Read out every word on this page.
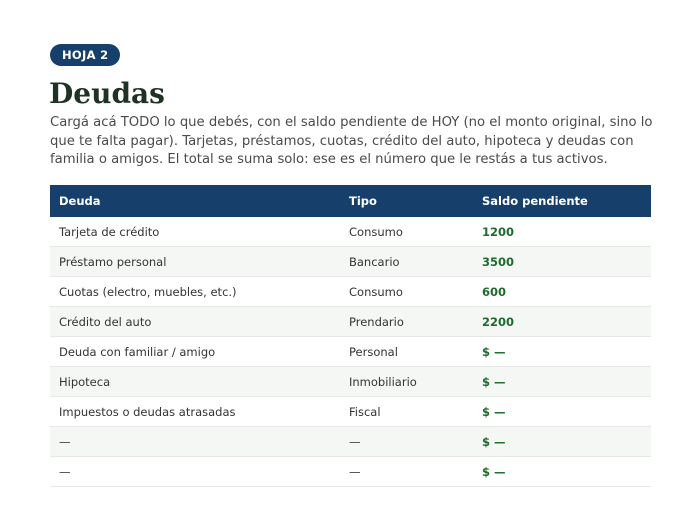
HOJA 2
Deudas

Cargá acá TODO lo que debés, con el saldo pendiente de HOY (no el monto original, sino lo que te falta pagar). Tarjetas, préstamos, cuotas, crédito del auto, hipoteca y deudas con familia o amigos. El total se suma solo: ese es el número que le restás a tus activos.

Deuda	Tipo	Saldo pendiente
Tarjeta de crédito	Consumo	1200
Préstamo personal	Bancario	3500
Cuotas (electro, muebles, etc.)	Consumo	600
Crédito del auto	Prendario	2200
Deuda con familiar / amigo	Personal	$ —
Hipoteca	Inmobiliario	$ —
Impuestos o deudas atrasadas	Fiscal	$ —
—	—	$ —
—	—	$ —
